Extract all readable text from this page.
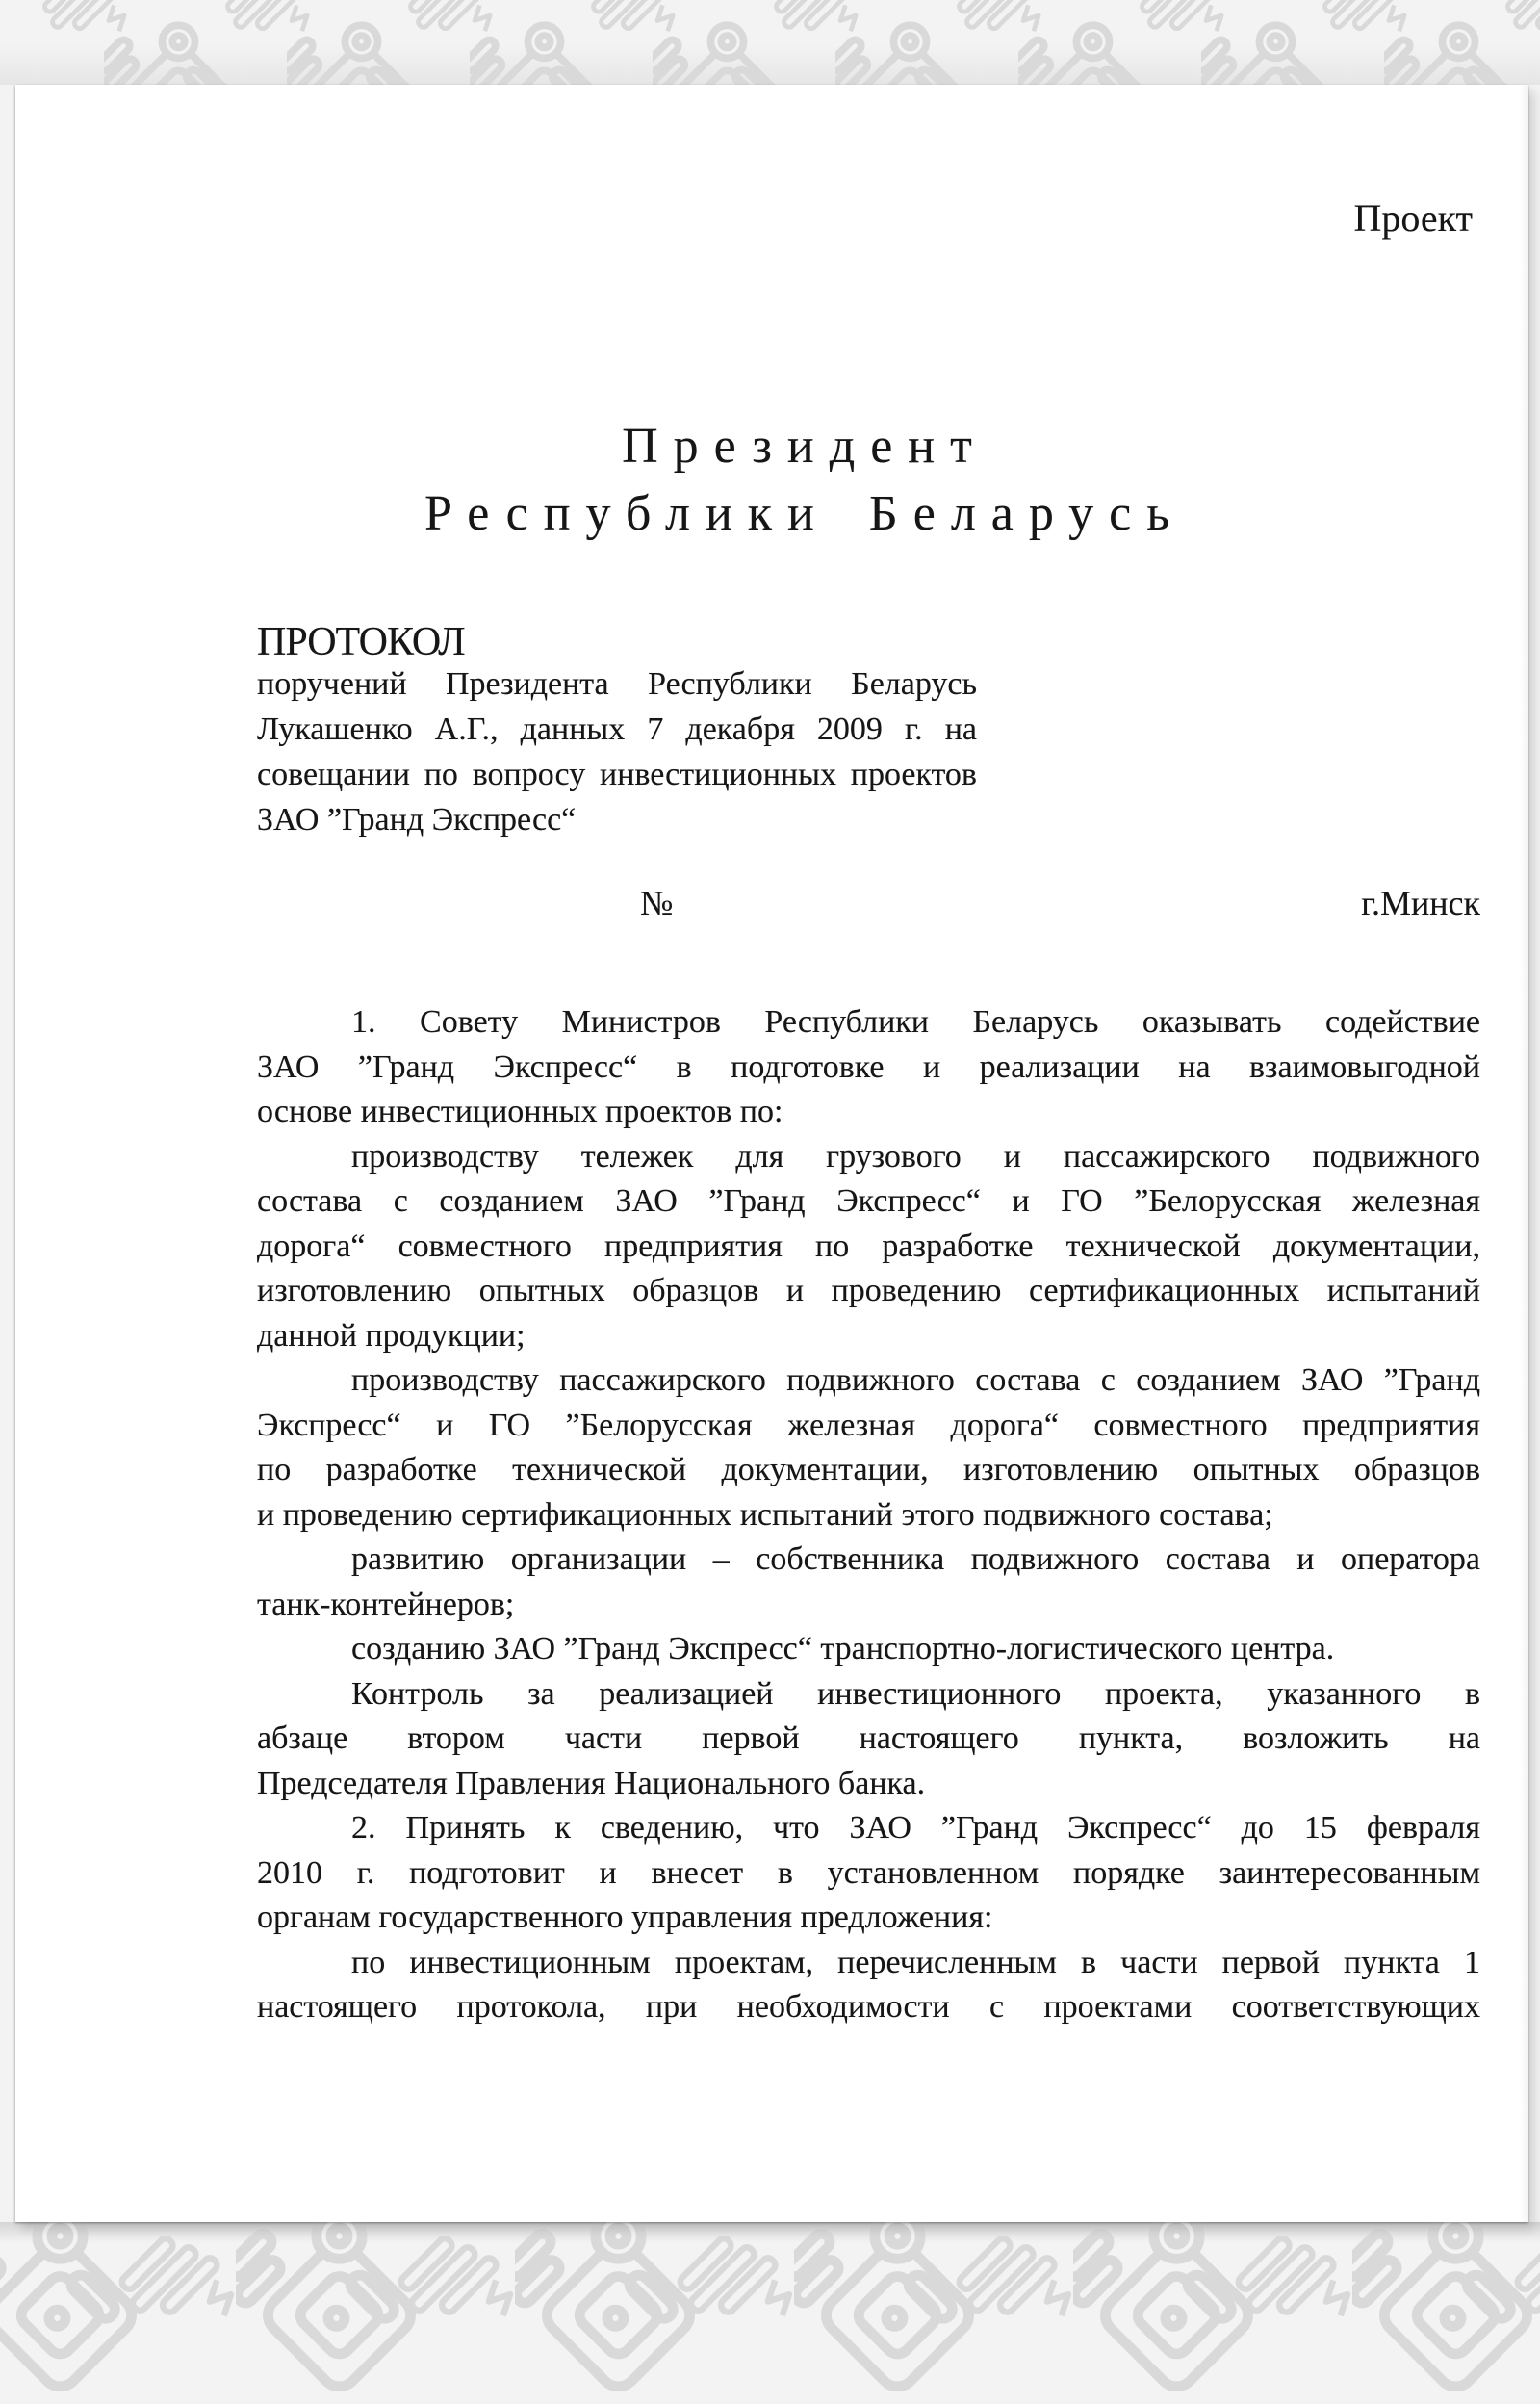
Проект
Президент
Республики Беларусь
ПРОТОКОЛ
поручений Президента Республики Беларусь
Лукашенко А.Г., данных 7 декабря 2009 г. на
совещании по вопросу инвестиционных проектов
ЗАО ”Гранд Экспресс“
№	г.Минск
1. Совету Министров Республики Беларусь оказывать содействие
ЗАО ”Гранд Экспресс“ в подготовке и реализации на взаимовыгодной
основе инвестиционных проектов по:
производству тележек для грузового и пассажирского подвижного
состава с созданием ЗАО ”Гранд Экспресс“ и ГО ”Белорусская железная
дорога“ совместного предприятия по разработке технической документации,
изготовлению опытных образцов и проведению сертификационных испытаний
данной продукции;
производству пассажирского подвижного состава с созданием ЗАО ”Гранд
Экспресс“ и ГО ”Белорусская железная дорога“ совместного предприятия
по разработке технической документации, изготовлению опытных образцов
и проведению сертификационных испытаний этого подвижного состава;
развитию организации – собственника подвижного состава и оператора
танк-контейнеров;
созданию ЗАО ”Гранд Экспресс“ транспортно-логистического центра.
Контроль за реализацией инвестиционного проекта, указанного в
абзаце втором части первой настоящего пункта, возложить на
Председателя Правления Национального банка.
2. Принять к сведению, что ЗАО ”Гранд Экспресс“ до 15 февраля
2010 г. подготовит и внесет в установленном порядке заинтересованным
органам государственного управления предложения:
по инвестиционным проектам, перечисленным в части первой пункта 1
настоящего протокола, при необходимости с проектами соответствующих
